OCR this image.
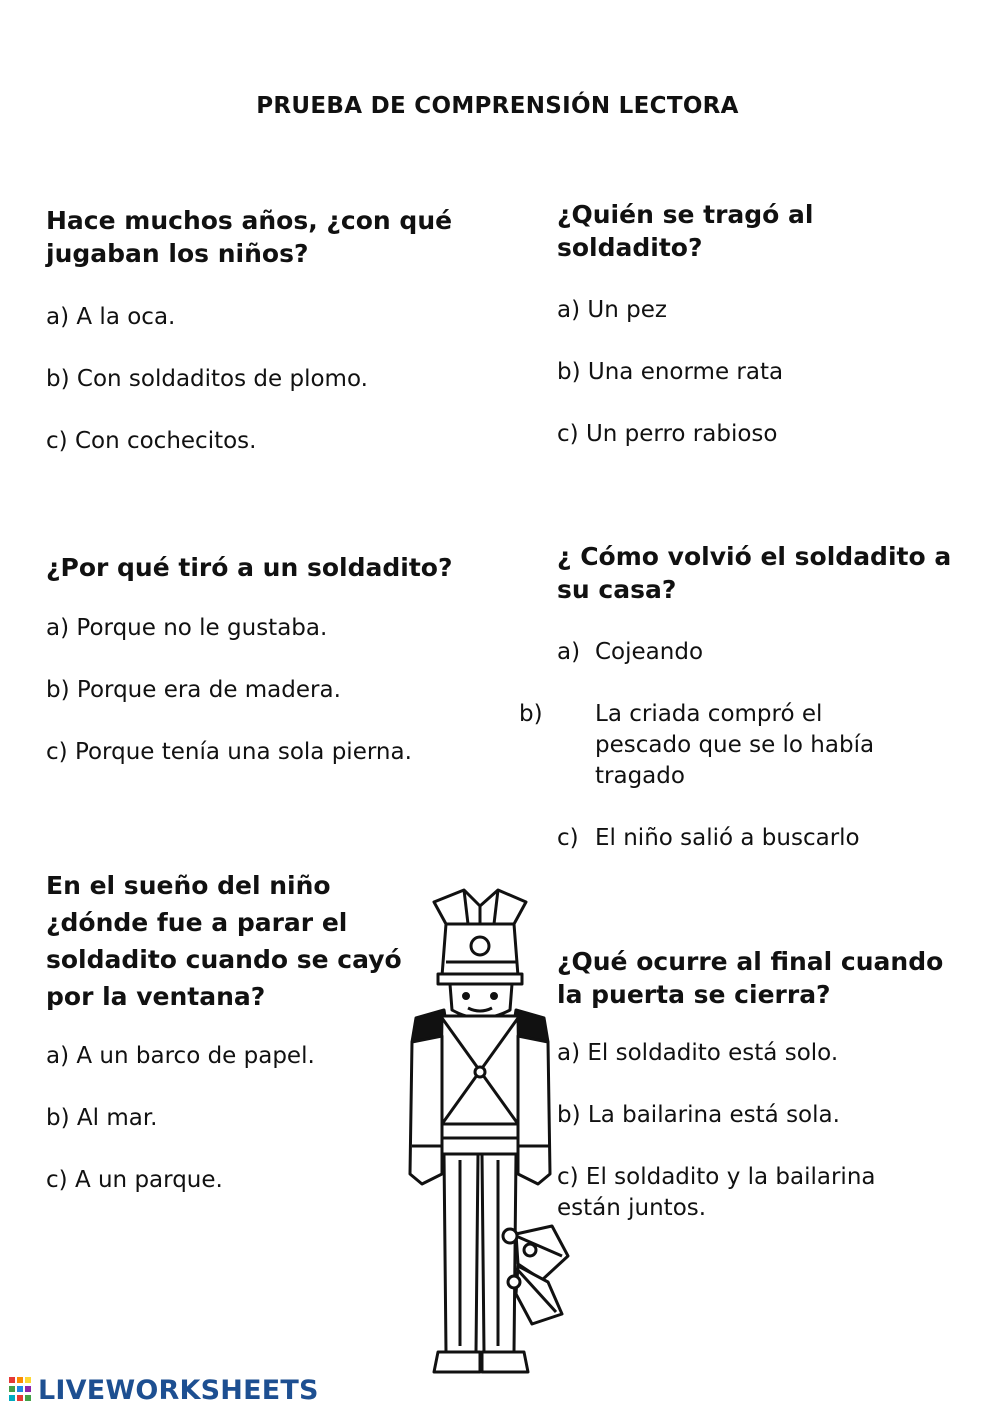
PRUEBA DE COMPRENSIÓN LECTORA

Hace muchos años, ¿con qué
jugaban los niños?

a) A la oca.

b) Con soldaditos de plomo.

c) Con cochecitos.

¿Quién se tragó al
soldadito?

a) Un pez

b) Una enorme rata

c) Un perro rabioso

¿Por qué tiró a un soldadito?

a) Porque no le gustaba.

b) Porque era de madera.

c) Porque tenía una sola pierna.

¿ Cómo volvió el soldadito a
su casa?

a) Cojeando

b) La criada compró el
pescado que se lo había
tragado

c) El niño salió a buscarlo

En el sueño del niño
¿dónde fue a parar el
soldadito cuando se cayó
por la ventana?

a) A un barco de papel.

b) Al mar.

c) A un parque.

¿Qué ocurre al final cuando
la puerta se cierra?

a) El soldadito está solo.

b) La bailarina está sola.

c) El soldadito y la bailarina
están juntos.

LIVEWORKSHEETS
